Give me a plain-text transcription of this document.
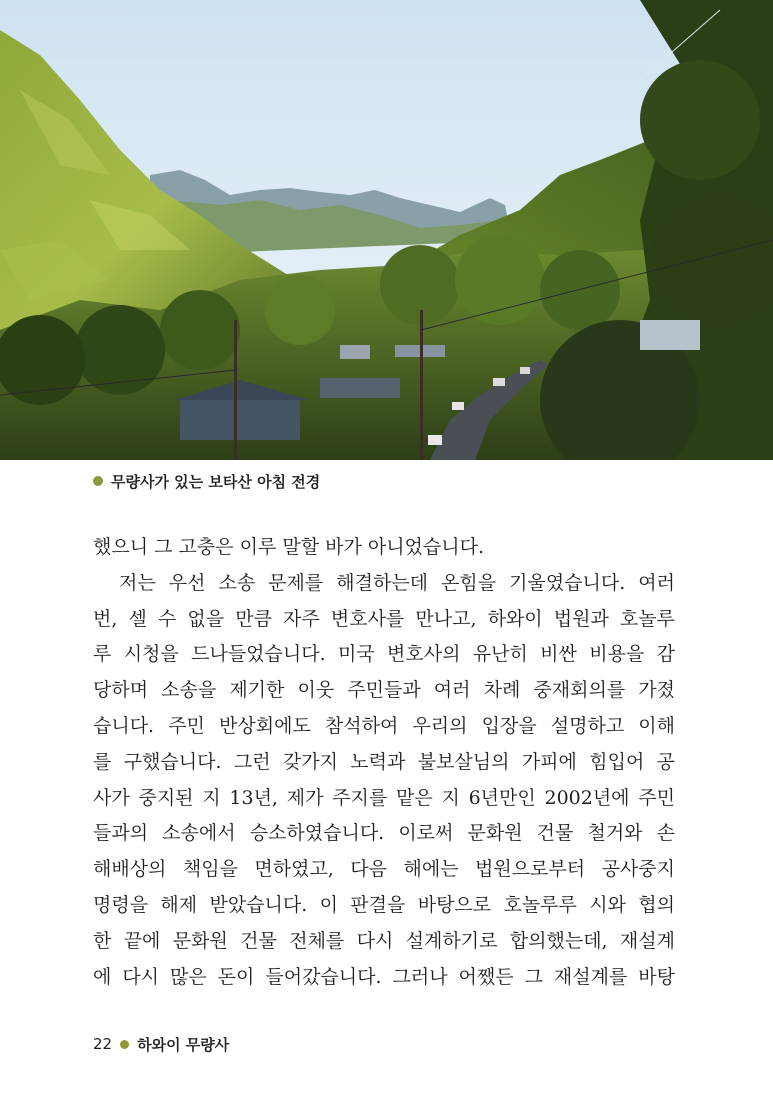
무량사가 있는 보타산 아침 전경
했으니 그 고충은 이루 말할 바가 아니었습니다.
저는 우선 소송 문제를 해결하는데 온힘을 기울였습니다. 여러
번, 셀 수 없을 만큼 자주 변호사를 만나고, 하와이 법원과 호놀루
루 시청을 드나들었습니다. 미국 변호사의 유난히 비싼 비용을 감
당하며 소송을 제기한 이웃 주민들과 여러 차례 중재회의를 가졌
습니다. 주민 반상회에도 참석하여 우리의 입장을 설명하고 이해
를 구했습니다. 그런 갖가지 노력과 불보살님의 가피에 힘입어 공
사가 중지된 지 13년, 제가 주지를 맡은 지 6년만인 2002년에 주민
들과의 소송에서 승소하였습니다. 이로써 문화원 건물 철거와 손
해배상의 책임을 면하였고, 다음 해에는 법원으로부터 공사중지
명령을 해제 받았습니다. 이 판결을 바탕으로 호놀루루 시와 협의
한 끝에 문화원 건물 전체를 다시 설계하기로 합의했는데, 재설계
에 다시 많은 돈이 들어갔습니다. 그러나 어쨌든 그 재설계를 바탕
22 하와이 무량사
